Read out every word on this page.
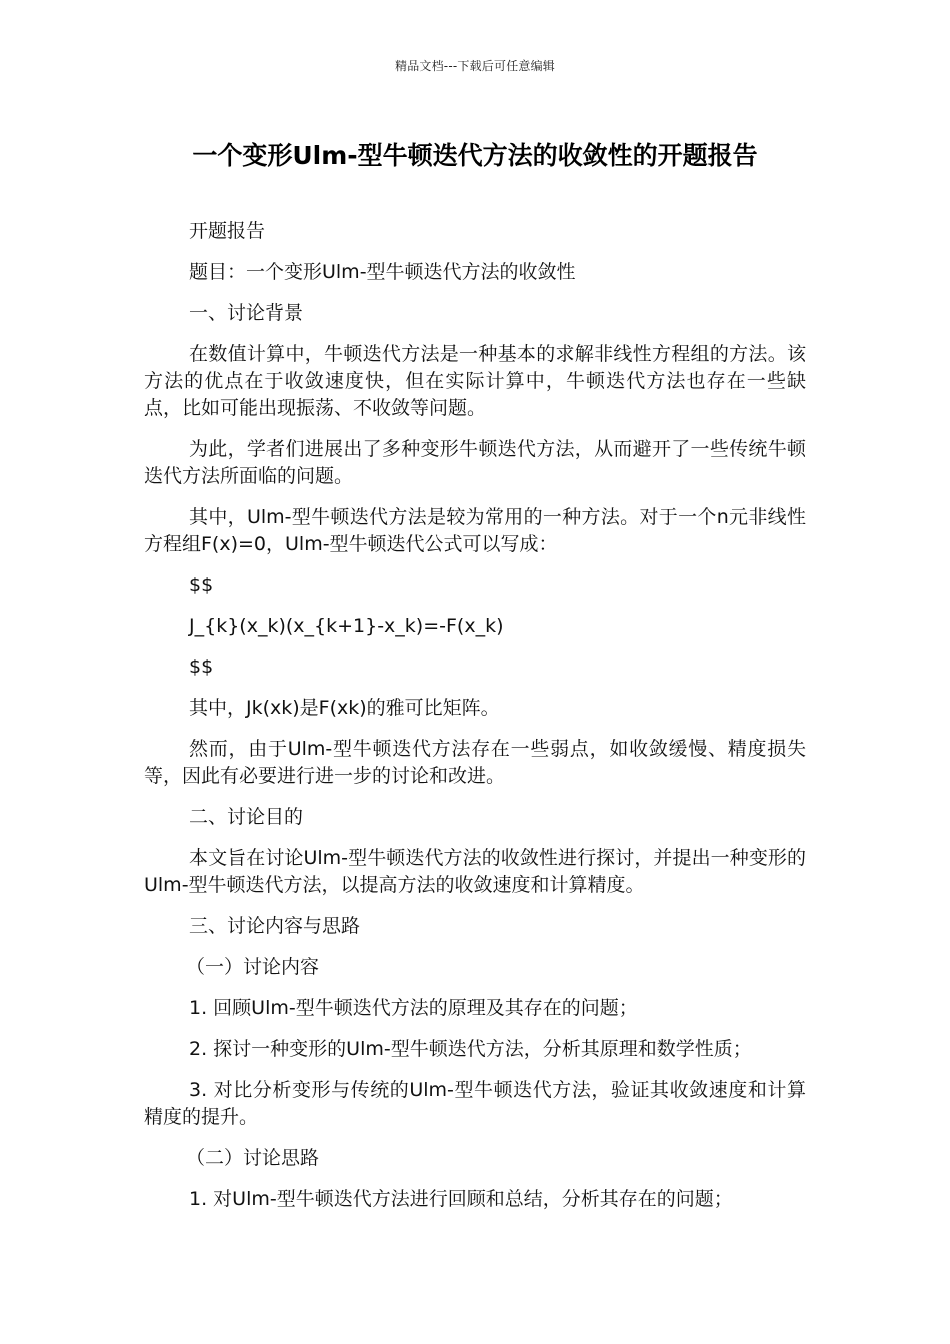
精品文档---下载后可任意编辑
一个变形Ulm-型牛顿迭代方法的收敛性的开题报告

开题报告

题目：一个变形Ulm-型牛顿迭代方法的收敛性

一、讨论背景

在数值计算中，牛顿迭代方法是一种基本的求解非线性方程组的方法。该方法的优点在于收敛速度快，但在实际计算中，牛顿迭代方法也存在一些缺点，比如可能出现振荡、不收敛等问题。

为此，学者们进展出了多种变形牛顿迭代方法，从而避开了一些传统牛顿迭代方法所面临的问题。

其中，Ulm-型牛顿迭代方法是较为常用的一种方法。对于一个n元非线性方程组F(x)=0，Ulm-型牛顿迭代公式可以写成：

$$

J_{k}(x_k)(x_{k+1}-x_k)=-F(x_k)

$$

其中，Jk(xk)是F(xk)的雅可比矩阵。

然而，由于Ulm-型牛顿迭代方法存在一些弱点，如收敛缓慢、精度损失等，因此有必要进行进一步的讨论和改进。

二、讨论目的

本文旨在讨论Ulm-型牛顿迭代方法的收敛性进行探讨，并提出一种变形的Ulm-型牛顿迭代方法，以提高方法的收敛速度和计算精度。

三、讨论内容与思路

（一）讨论内容

1. 回顾Ulm-型牛顿迭代方法的原理及其存在的问题；

2. 探讨一种变形的Ulm-型牛顿迭代方法，分析其原理和数学性质；

3. 对比分析变形与传统的Ulm-型牛顿迭代方法，验证其收敛速度和计算精度的提升。

（二）讨论思路

1. 对Ulm-型牛顿迭代方法进行回顾和总结，分析其存在的问题；
